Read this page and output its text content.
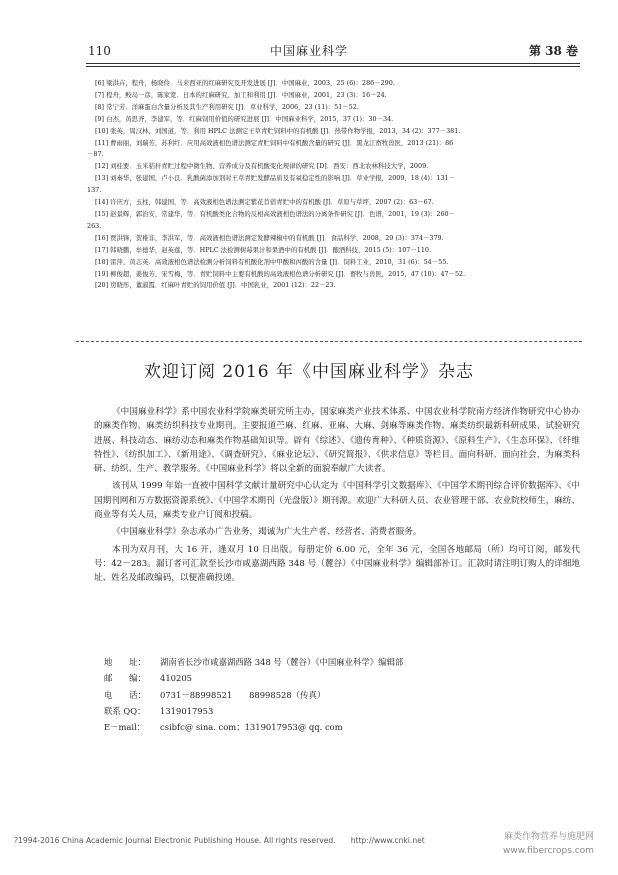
110	中国麻业科学	第 38 卷
[6] 梁洪卉，程舟，杨晓伶．马来西亚的红麻研究及开发进展 [J]．中国麻业，2003，25 (6)：286－290.
[7] 程舟，鲛岛一彦，陈家宽．日本的红麻研究、加工和利用 [J]．中国麻业，2001，23 (3)：16－24.
[8] 常宁芳．洋麻蛋白含量分析及其生产利用研究 [J]．草业科学，2006，23 (11)：51－52.
[9] 白杰，黄思齐，李建军，等．红麻饲用价值的研究进展 [J]．中国麻业科学，2015，37 (1)：30－34.
[10] 张英，周汉林，刘国道，等．利用 HPLC 法测定王草青贮饲料中的有机酸 [J]．热带作物学报，2013，34 (2)：377－381.
[11] 曹雨丽，刘瑞芳，苏利红．应用高效液相色谱法测定青贮饲料中有机酸含量的研究 [J]．黑龙江畜牧兽医，2013 (21)：86
－87.
[12] 刘桂要．玉米秸秆青贮过程中微生物、营养成分及有机酸变化规律的研究 [D]．西安：西北农林科技大学，2009.
[13] 刘秦华，张建国，卢小良．乳酸菌添加剂对王草青贮发酵品质及有氧稳定性的影响 [J]．草业学报，2009，18 (4)：131－
137.
[14] 许庆方，玉柱，韩建国，等．高效液相色谱法测定紫花苜蓿青贮中的有机酸 [J]．草原与草坪，2007 (2)：63－67.
[15] 赵景辉，郭治安，常建华，等．有机酸类化合物的反相高效液相色谱法的分离条件研究 [J]．色谱，2001，19 (3)：260－
263.
[16] 贾洪锋，贺稚非，李洪军，等．高效液相色谱法测定发酵辣椒中的有机酸 [J]．食品科学，2008，29 (3)：374－379.
[17] 韩晓鹏，牟德华，赵英莲，等．HPLC 法检测树莓果汁和果酒中的有机酸 [J]．酿酒科技，2015 (5)：107－110.
[18] 雷萍，黄志英．高效液相色谱法检测分析饲料有机酸化剂中甲酸和丙酸的含量 [J]．饲料工业，2010，31 (6)：54－55.
[19] 柳俊超，姜俊芳，宋雪梅，等．青贮饲料中主要有机酸的高效液相色谱分析研究 [J]．畜牧与兽医，2015，47 (10)：47－52.
[20] 房晓彤，董淑霞．红麻叶青贮的饲用价值 [J]．中国乳业，2001 (12)：22－23.
欢迎订阅 2016 年《中国麻业科学》杂志

《中国麻业科学》系中国农业科学院麻类研究所主办，国家麻类产业技术体系、中国农业科学院南方经济作物研究中心协办的麻类作物、麻类纺织科技专业期刊。主要报道苎麻、红麻、亚麻、大麻、剑麻等麻类作物、麻类纺织最新科研成果、试验研究进展、科技动态、麻纺动态和麻类作物基础知识等。辟有《综述》、《遗传育种》、《种质资源》、《原料生产》、《生态环保》、《纤维特性》、《纺织加工》、《新用途》、《调查研究》、《麻业论坛》、《研究简报》、《供求信息》等栏目。面向科研、面向社会，为麻类科研、纺织、生产、教学服务。《中国麻业科学》将以全新的面貌奉献广大读者。

该刊从 1999 年始一直被中国科学文献计量研究中心认定为《中国科学引文数据库》、《中国学术期刊综合评价数据库》、《中国期刊网和万方数据资源系统》、《中国学术期刊（光盘版）》期刊源。欢迎广大科研人员、农业管理干部、农业院校师生，麻纺、商业等有关人员，麻类专业户订阅和投稿。

《中国麻业科学》杂志承办广告业务，竭诚为广大生产者、经营者、消费者服务。

本刊为双月刊，大 16 开，逢双月 10 日出版。每册定价 6.00 元，全年 36 元，全国各地邮局（所）均可订阅，邮发代号：42－283。漏订者可汇款至长沙市咸嘉湖西路 348 号（麓谷）《中国麻业科学》编辑部补订。汇款时请注明订购人的详细地址、姓名及邮政编码，以便准确投递。

地　　址： 湖南省长沙市咸嘉湖西路 348 号（麓谷）《中国麻业科学》编辑部
邮　　编： 410205
电　　话： 0731－88998521　　88998528（传真）
联系 QQ： 1319017953
E－mail： csibfc@ sina. com；1319017953@ qq. com
?1994-2016 China Academic Journal Electronic Publishing House. All rights reserved.　　http://www.cnki.net	麻类作物营养与施肥网
www.fibercrops.com
